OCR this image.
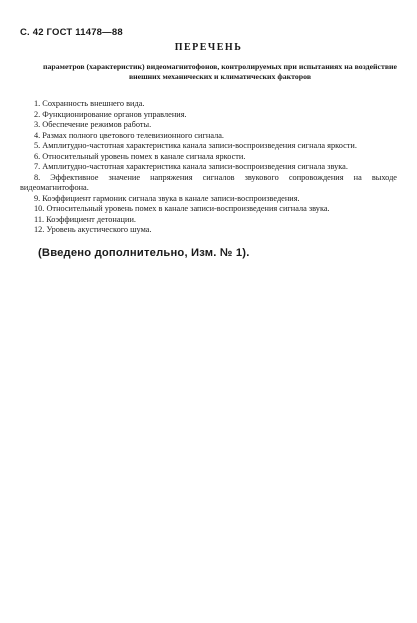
С. 42 ГОСТ 11478—88
ПЕРЕЧЕНЬ
параметров (характеристик) видеомагнитофонов, контролируемых при испытаниях на воздействие внешних механических и климатических факторов

1. Сохранность внешнего вида.

2. Функционирование органов управления.

3. Обеспечение режимов работы.

4. Размах полного цветового телевизионного сигнала.

5. Амплитудно-частотная характеристика канала записи-воспроизведения сигнала яркости.

6. Относительный уровень помех в канале сигнала яркости.

7. Амплитудно-частотная характеристика канала записи-воспроизведения сигнала звука.

8. Эффективное значение напряжения сигналов звукового сопровождения на выходе видеомагнитофона.

9. Коэффициент гармоник сигнала звука в канале записи-воспроизведения.

10. Относительный уровень помех в канале записи-воспроизведения сигнала звука.

11. Коэффициент детонации.

12. Уровень акустического шума.

(Введено дополнительно, Изм. № 1).
